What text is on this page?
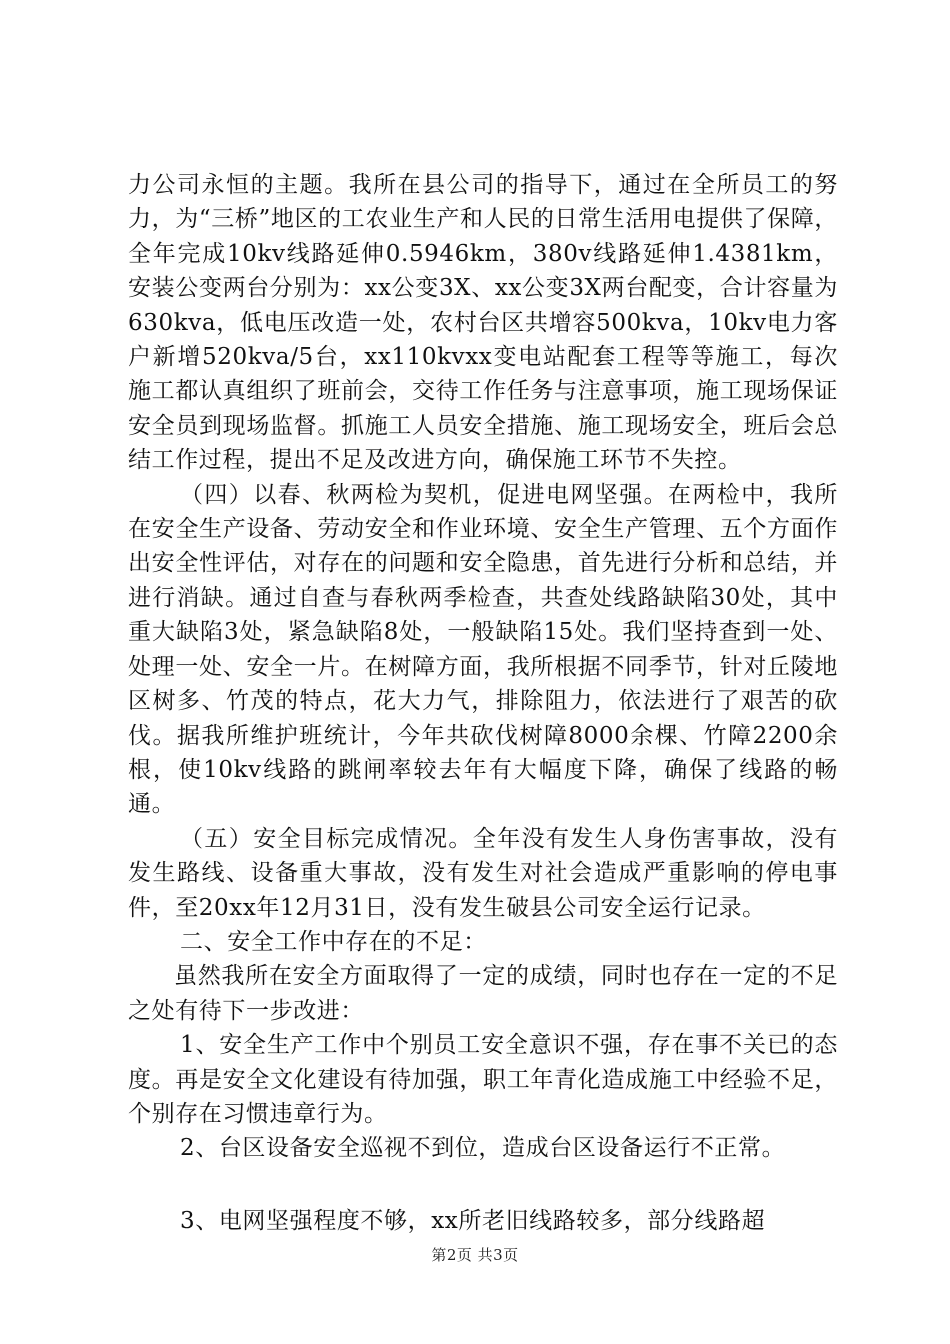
力公司永恒的主题。我所在县公司的指导下，通过在全所员工的努力，为“三桥”地区的工农业生产和人民的日常生活用电提供了保障，全年完成10kv线路延伸0.5946km，380v线路延伸1.4381km，安装公变两台分别为：xx公变3X、xx公变3X两台配变，合计容量为630kva，低电压改造一处，农村台区共增容500kva，10kv电力客户新增520kva/5台，xx110kvxx变电站配套工程等等施工，每次施工都认真组织了班前会，交待工作任务与注意事项，施工现场保证安全员到现场监督。抓施工人员安全措施、施工现场安全，班后会总结工作过程，提出不足及改进方向，确保施工环节不失控。

（四）以春、秋两检为契机，促进电网坚强。在两检中，我所在安全生产设备、劳动安全和作业环境、安全生产管理、五个方面作出安全性评估，对存在的问题和安全隐患，首先进行分析和总结，并进行消缺。通过自查与春秋两季检查，共查处线路缺陷30处，其中重大缺陷3处，紧急缺陷8处，一般缺陷15处。我们坚持查到一处、处理一处、安全一片。在树障方面，我所根据不同季节，针对丘陵地区树多、竹茂的特点，花大力气，排除阻力，依法进行了艰苦的砍伐。据我所维护班统计，今年共砍伐树障8000余棵、竹障2200余根，使10kv线路的跳闸率较去年有大幅度下降，确保了线路的畅通。

（五）安全目标完成情况。全年没有发生人身伤害事故，没有发生路线、设备重大事故，没有发生对社会造成严重影响的停电事件，至20xx年12月31日，没有发生破县公司安全运行记录。

二、安全工作中存在的不足：

虽然我所在安全方面取得了一定的成绩，同时也存在一定的不足之处有待下一步改进：

1、安全生产工作中个别员工安全意识不强，存在事不关已的态度。再是安全文化建设有待加强，职工年青化造成施工中经验不足，个别存在习惯违章行为。

2、台区设备安全巡视不到位，造成台区设备运行不正常。

3、电网坚强程度不够，xx所老旧线路较多，部分线路超

第2页 共3页
